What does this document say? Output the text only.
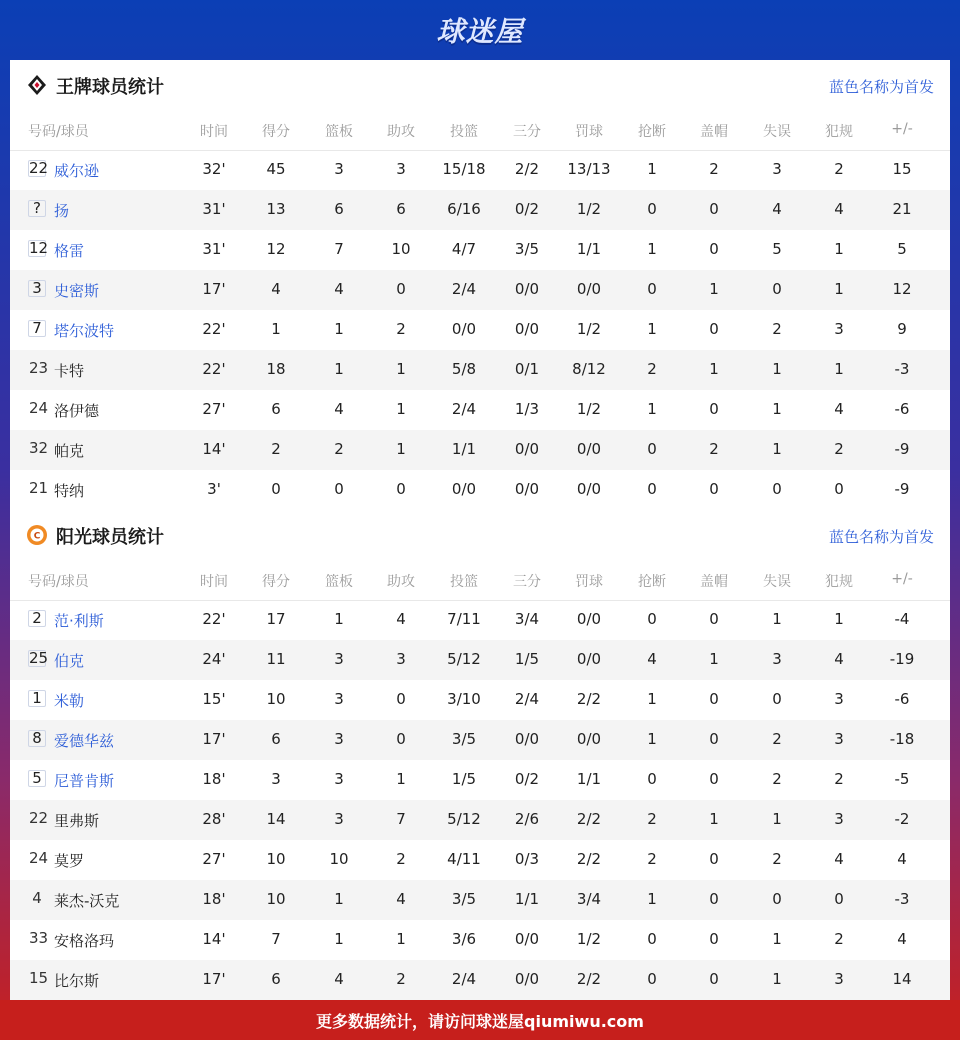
球迷屋
王牌球员统计	蓝色名称为首发
号码/球员	时间	得分	篮板	助攻	投篮	三分	罚球	抢断	盖帽	失误	犯规	+/-
22 威尔逊	32'	45	3	3	15/18	2/2	13/13	1	2	3	2	15
? 扬	31'	13	6	6	6/16	0/2	1/2	0	0	4	4	21
12 格雷	31'	12	7	10	4/7	3/5	1/1	1	0	5	1	5
3 史密斯	17'	4	4	0	2/4	0/0	0/0	0	1	0	1	12
7 塔尔波特	22'	1	1	2	0/0	0/0	1/2	1	0	2	3	9
23 卡特	22'	18	1	1	5/8	0/1	8/12	2	1	1	1	-3
24 洛伊德	27'	6	4	1	2/4	1/3	1/2	1	0	1	4	-6
32 帕克	14'	2	2	1	1/1	0/0	0/0	0	2	1	2	-9
21 特纳	3'	0	0	0	0/0	0/0	0/0	0	0	0	0	-9
C 阳光球员统计	蓝色名称为首发
号码/球员	时间	得分	篮板	助攻	投篮	三分	罚球	抢断	盖帽	失误	犯规	+/-
2 范·利斯	22'	17	1	4	7/11	3/4	0/0	0	0	1	1	-4
25 伯克	24'	11	3	3	5/12	1/5	0/0	4	1	3	4	-19
1 米勒	15'	10	3	0	3/10	2/4	2/2	1	0	0	3	-6
8 爱德华兹	17'	6	3	0	3/5	0/0	0/0	1	0	2	3	-18
5 尼普肯斯	18'	3	3	1	1/5	0/2	1/1	0	0	2	2	-5
22 里弗斯	28'	14	3	7	5/12	2/6	2/2	2	1	1	3	-2
24 莫罗	27'	10	10	2	4/11	0/3	2/2	2	0	2	4	4
4 莱杰-沃克	18'	10	1	4	3/5	1/1	3/4	1	0	0	0	-3
33 安格洛玛	14'	7	1	1	3/6	0/0	1/2	0	0	1	2	4
15 比尔斯	17'	6	4	2	2/4	0/0	2/2	0	0	1	3	14
更多数据统计，请访问球迷屋qiumiwu.com
